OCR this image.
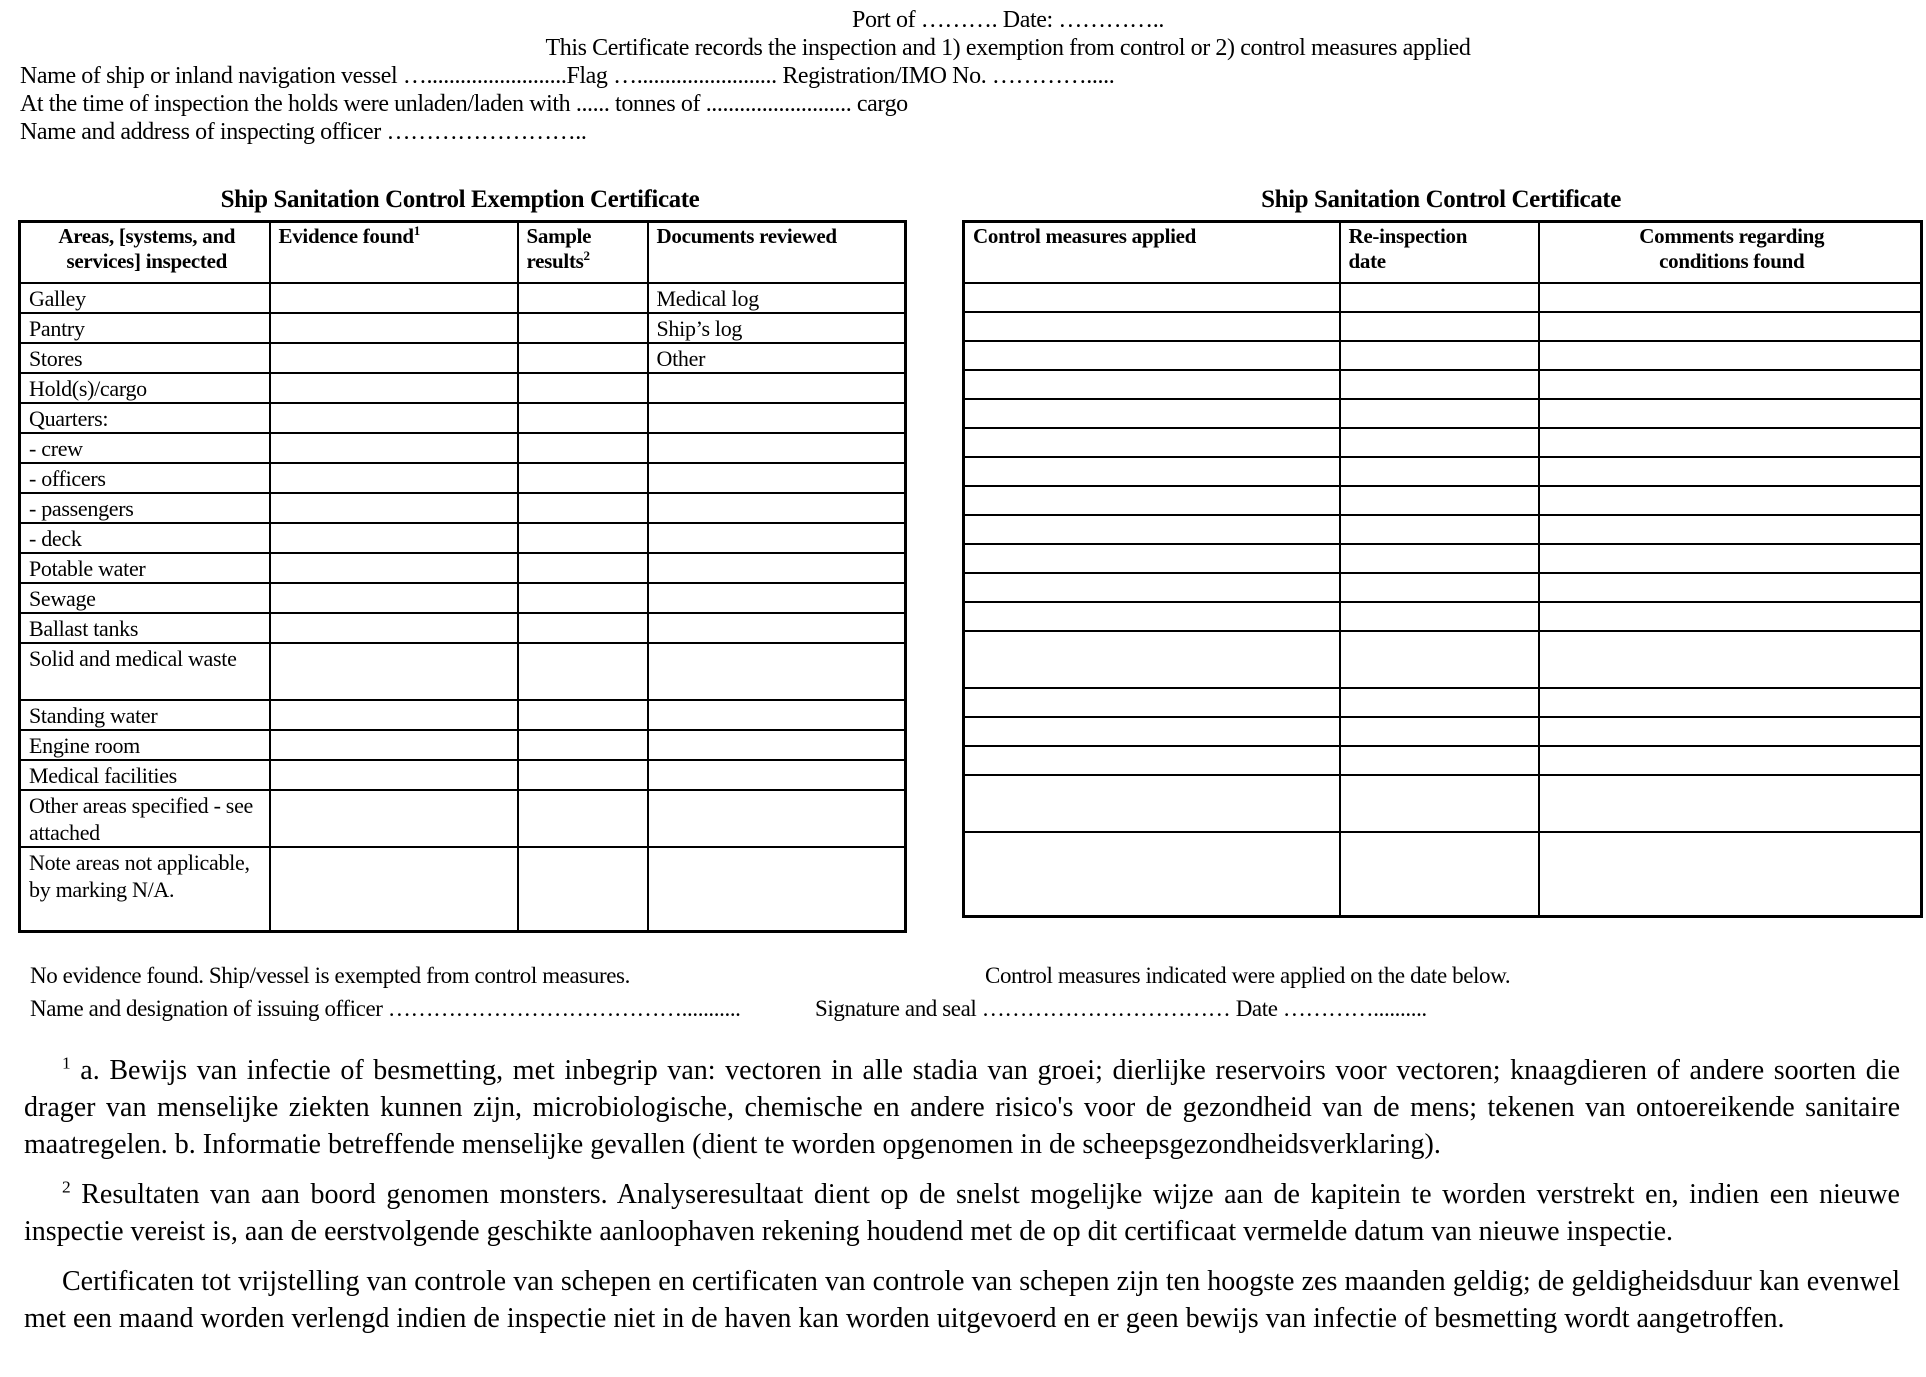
Port of ………. Date: …………..
This Certificate records the inspection and 1) exemption from control or 2) control measures applied
Name of ship or inland navigation vessel ….........................Flag …......................... Registration/IMO No. ………….....
At the time of inspection the holds were unladen/laden with ...... tonnes of .......................... cargo
Name and address of inspecting officer ……………………..
Ship Sanitation Control Exemption Certificate	Ship Sanitation Control Certificate
Areas, [systems, and services] inspected	Evidence found$^1$	Sample results$^2$	Documents reviewed
Galley			Medical log
Pantry			Ship’s log
Stores			Other
Hold(s)/cargo			
Quarters:			
- crew			
- officers			
- passengers			
- deck			
Potable water			
Sewage			
Ballast tanks			
Solid and medical waste			
Standing water			
Engine room			
Medical facilities			
Other areas specified - see attached			
Note areas not applicable, by marking N/A.			
Control measures applied	Re-inspection date	Comments regarding conditions found

No evidence found. Ship/vessel is exempted from control measures.	Control measures indicated were applied on the date below.
Name and designation of issuing officer …………………………………...........	Signature and seal …………………………… Date …………..........

$^1$ a. Bewijs van infectie of besmetting, met inbegrip van: vectoren in alle stadia van groei; dierlijke reservoirs voor vectoren; knaagdieren of andere soorten die drager van menselijke ziekten kunnen zijn, microbiologische, chemische en andere risico's voor de gezondheid van de mens; tekenen van ontoereikende sanitaire maatregelen. b. Informatie betreffende menselijke gevallen (dient te worden opgenomen in de scheepsgezondheidsverklaring).

$^2$ Resultaten van aan boord genomen monsters. Analyseresultaat dient op de snelst mogelijke wijze aan de kapitein te worden verstrekt en, indien een nieuwe inspectie vereist is, aan de eerstvolgende geschikte aanloophaven rekening houdend met de op dit certificaat vermelde datum van nieuwe inspectie.

Certificaten tot vrijstelling van controle van schepen en certificaten van controle van schepen zijn ten hoogste zes maanden geldig; de geldigheidsduur kan evenwel met een maand worden verlengd indien de inspectie niet in de haven kan worden uitgevoerd en er geen bewijs van infectie of besmetting wordt aangetroffen.
